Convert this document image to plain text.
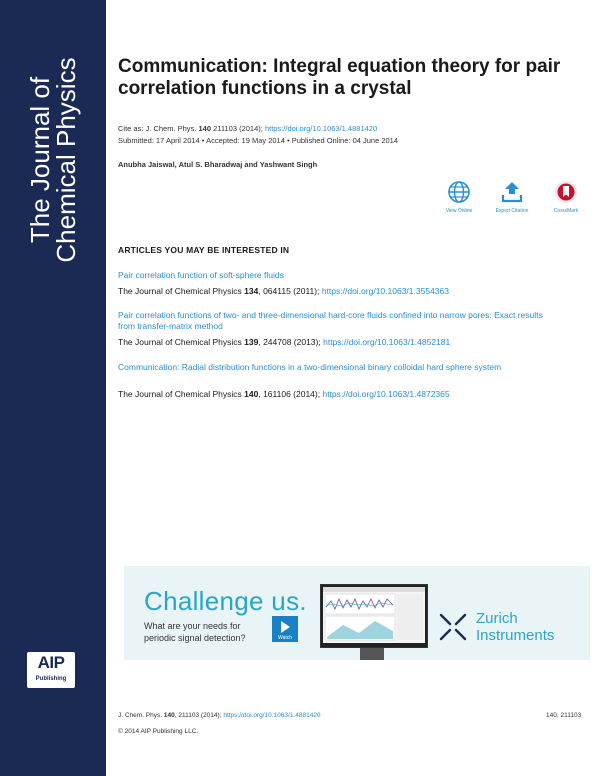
The Journal of
Chemical Physics
AIP
Publishing
Communication: Integral equation theory for pair correlation functions in a crystal
Cite as: J. Chem. Phys. 140 211103 (2014); https://doi.org/10.1063/1.4881420
Submitted: 17 April 2014 • Accepted: 19 May 2014 • Published Online: 04 June 2014
Anubha Jaiswal, Atul S. Bharadwaj and Yashwant Singh
View Online	Export Citation	CrossMark
ARTICLES YOU MAY BE INTERESTED IN
Pair correlation function of soft-sphere fluids
The Journal of Chemical Physics 134, 064115 (2011); https://doi.org/10.1063/1.3554363
Pair correlation functions of two- and three-dimensional hard-core fluids confined into narrow pores: Exact results from transfer-matrix method
The Journal of Chemical Physics 139, 244708 (2013); https://doi.org/10.1063/1.4852181
Communication: Radial distribution functions in a two-dimensional binary colloidal hard sphere system
The Journal of Chemical Physics 140, 161106 (2014); https://doi.org/10.1063/1.4872365
Challenge us.
What are your needs for
periodic signal detection?	Watch
Zurich
Instruments
J. Chem. Phys. 140, 211103 (2014); https://doi.org/10.1063/1.4881420	140, 211103
© 2014 AIP Publishing LLC.
